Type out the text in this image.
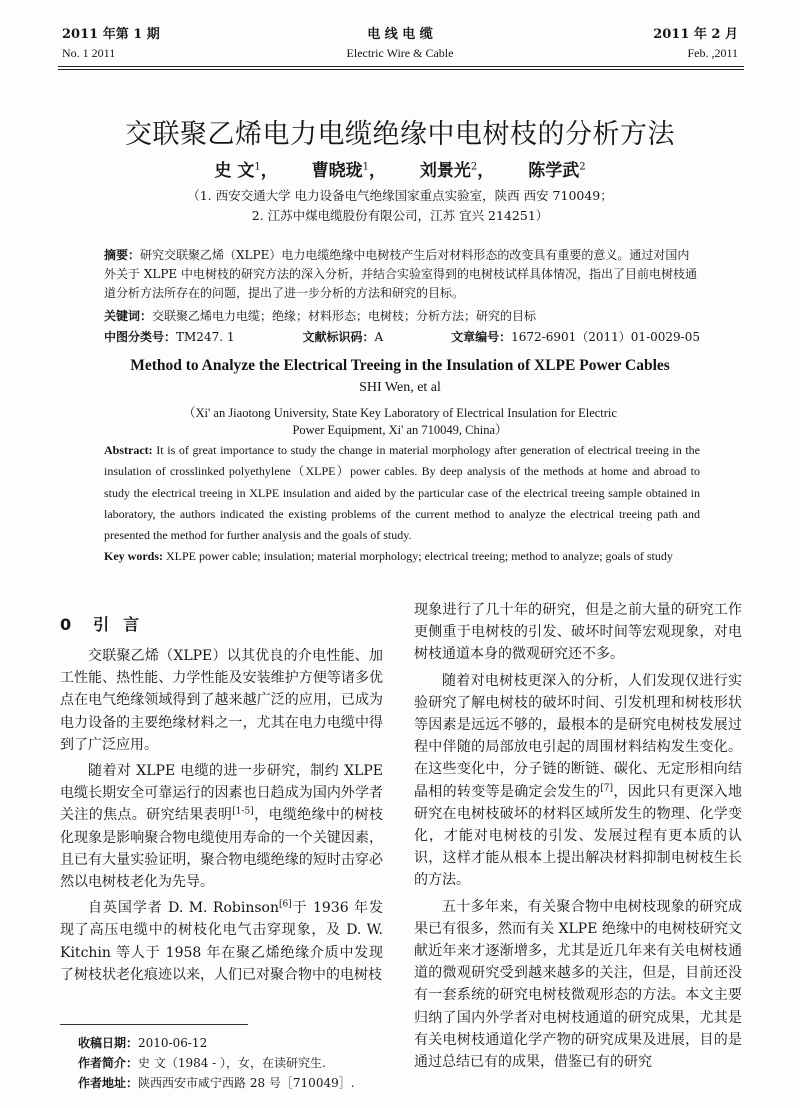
2011 年第 1 期
No. 1 2011
电 线 电 缆
Electric Wire & Cable
2011 年 2 月
Feb. ,2011
交联聚乙烯电力电缆绝缘中电树枝的分析方法
史 文$^1$， 曹晓珑$^1$， 刘景光$^2$， 陈学武$^2$
（1. 西安交通大学 电力设备电气绝缘国家重点实验室，陕西 西安 710049；
2. 江苏中煤电缆股份有限公司，江苏 宜兴 214251）
摘要：研究交联聚乙烯（XLPE）电力电缆绝缘中电树枝产生后对材料形态的改变具有重要的意义。通过对国内外关于 XLPE 中电树枝的研究方法的深入分析，并结合实验室得到的电树枝试样具体情况，指出了目前电树枝通道分析方法所存在的问题，提出了进一步分析的方法和研究的目标。
关键词：交联聚乙烯电力电缆；绝缘；材料形态；电树枝；分析方法；研究的目标
中图分类号：TM247. 1	文献标识码：A	文章编号：1672-6901（2011）01-0029-05
Method to Analyze the Electrical Treeing in the Insulation of XLPE Power Cables
SHI Wen, et al
（Xi' an Jiaotong University, State Key Laboratory of Electrical Insulation for Electric
Power Equipment, Xi' an 710049, China）
Abstract: It is of great importance to study the change in material morphology after generation of electrical treeing in the insulation of crosslinked polyethylene（XLPE）power cables. By deep analysis of the methods at home and abroad to study the electrical treeing in XLPE insulation and aided by the particular case of the electrical treeing sample obtained in laboratory, the authors indicated the existing problems of the current method to analyze the electrical treeing path and presented the method for further analysis and the goals of study.
Key words: XLPE power cable; insulation; material morphology; electrical treeing; method to analyze; goals of study
0 引 言

交联聚乙烯（XLPE）以其优良的介电性能、加工性能、热性能、力学性能及安装维护方便等诸多优点在电气绝缘领域得到了越来越广泛的应用，已成为电力设备的主要绝缘材料之一，尤其在电力电缆中得到了广泛应用。

随着对 XLPE 电缆的进一步研究，制约 XLPE 电缆长期安全可靠运行的因素也日趋成为国内外学者关注的焦点。研究结果表明[1-5]，电缆绝缘中的树枝化现象是影响聚合物电缆使用寿命的一个关键因素，且已有大量实验证明，聚合物电缆绝缘的短时击穿必然以电树枝老化为先导。

自英国学者 D. M. Robinson[6]于 1936 年发现了高压电缆中的树枝化电气击穿现象，及 D. W. Kitchin 等人于 1958 年在聚乙烯绝缘介质中发现了树枝状老化痕迹以来，人们已对聚合物中的电树枝

现象进行了几十年的研究，但是之前大量的研究工作更侧重于电树枝的引发、破坏时间等宏观现象，对电树枝通道本身的微观研究还不多。

随着对电树枝更深入的分析，人们发现仅进行实验研究了解电树枝的破坏时间、引发机理和树枝形状等因素是远远不够的，最根本的是研究电树枝发展过程中伴随的局部放电引起的周围材料结构发生变化。在这些变化中，分子链的断链、碳化、无定形相向结晶相的转变等是确定会发生的[7]，因此只有更深入地研究在电树枝破坏的材料区域所发生的物理、化学变化，才能对电树枝的引发、发展过程有更本质的认识，这样才能从根本上提出解决材料抑制电树枝生长的方法。

五十多年来，有关聚合物中电树枝现象的研究成果已有很多，然而有关 XLPE 绝缘中的电树枝研究文献近年来才逐渐增多，尤其是近几年来有关电树枝通道的微观研究受到越来越多的关注，但是，目前还没有一套系统的研究电树枝微观形态的方法。本文主要归纳了国内外学者对电树枝通道的研究成果，尤其是有关电树枝通道化学产物的研究成果及进展，目的是通过总结已有的成果，借鉴已有的研究

收稿日期：2010-06-12
作者简介：史 文（1984 - ），女，在读研究生.
作者地址：陕西西安市咸宁西路 28 号［710049］.
